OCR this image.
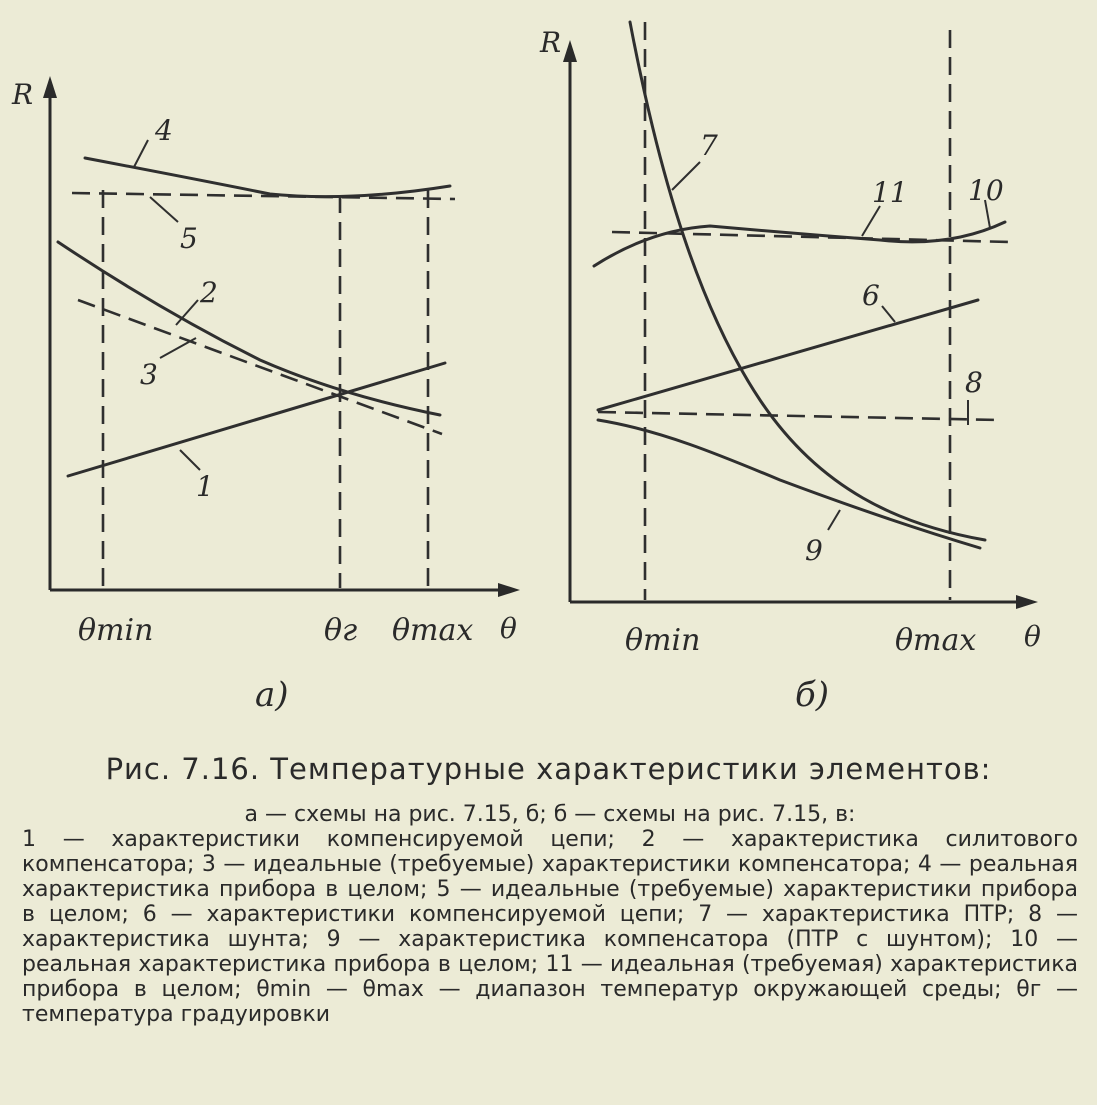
R
4
5
2
3
1
θmin	θг θmax θ
а)
R
7
11 10
6
8
9
θmin	θmax θ
б)
Рис. 7.16. Температурные характеристики элементов:

а — схемы на рис. 7.15, б; б — схемы на рис. 7.15, в:

1 — характеристики компенсируемой цепи; 2 — характеристика силитового компенсатора; 3 — идеальные (требуемые) характеристики компенсатора; 4 — реальная характеристика прибора в целом; 5 — идеальные (требуемые) характеристики прибора в целом; 6 — характеристики компенсируемой цепи; 7 — характеристика ПТР; 8 — характеристика шунта; 9 — характеристика компенсатора (ПТР с шунтом); 10 — реальная характеристика прибора в целом; 11 — идеальная (требуемая) характеристика прибора в целом; θmin — θmax — диапазон температур окружающей среды; θг — температура градуировки
